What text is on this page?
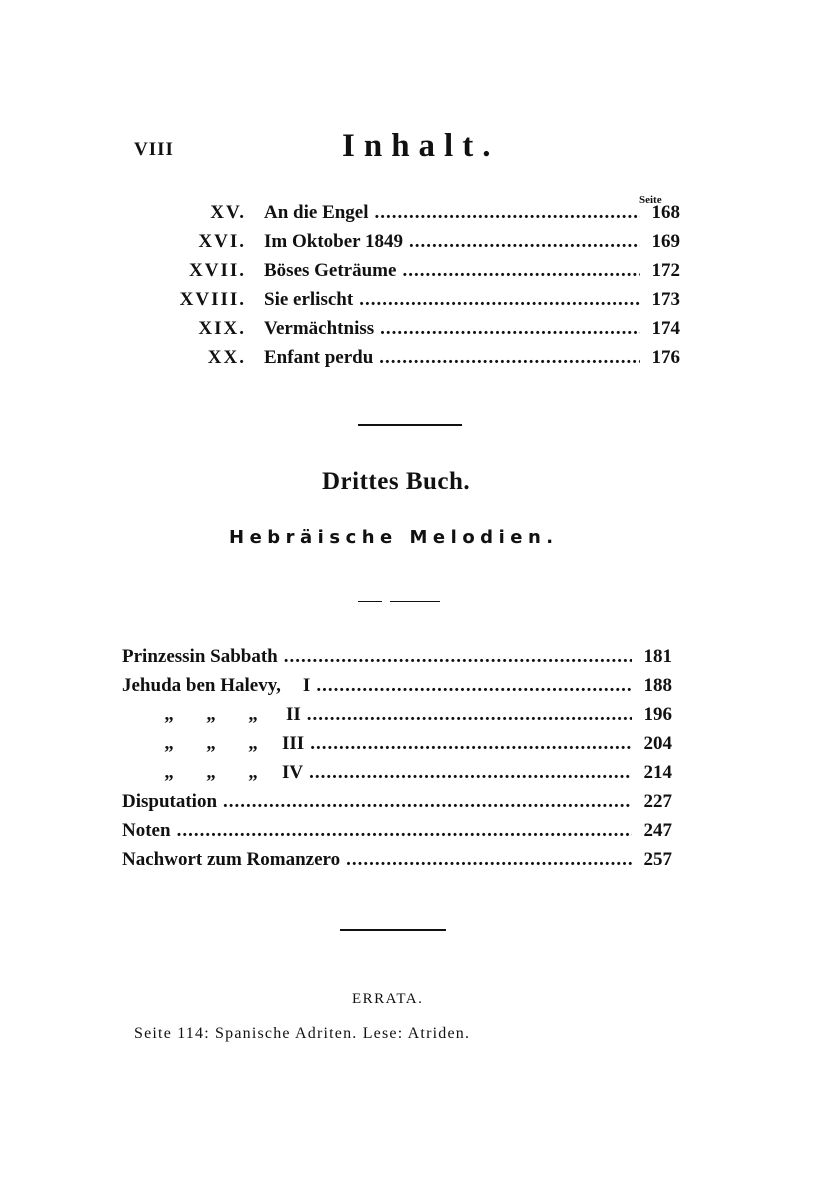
VIII	Inhalt.
Seite
XV. An die Engel .....	168
XVI. Im Oktober 1849 .....	169
XVII. Böses Geträume .....	172
XVIII. Sie erlischt .....	173
XIX. Vermächtniss .....	174
XX. Enfant perdu .....	176
Drittes Buch.
Hebräische Melodien.
Prinzessin Sabbath .....	181
Jehuda ben Halevy,	I .....	188
„	„	„	II .....	196
„	„	„	III .....	204
„	„	„	IV .....	214
Disputation .....	227
Noten .....	247
Nachwort zum Romanzero .....	257
ERRATA.
Seite 114: Spanische Adriten. Lese: Atriden.
